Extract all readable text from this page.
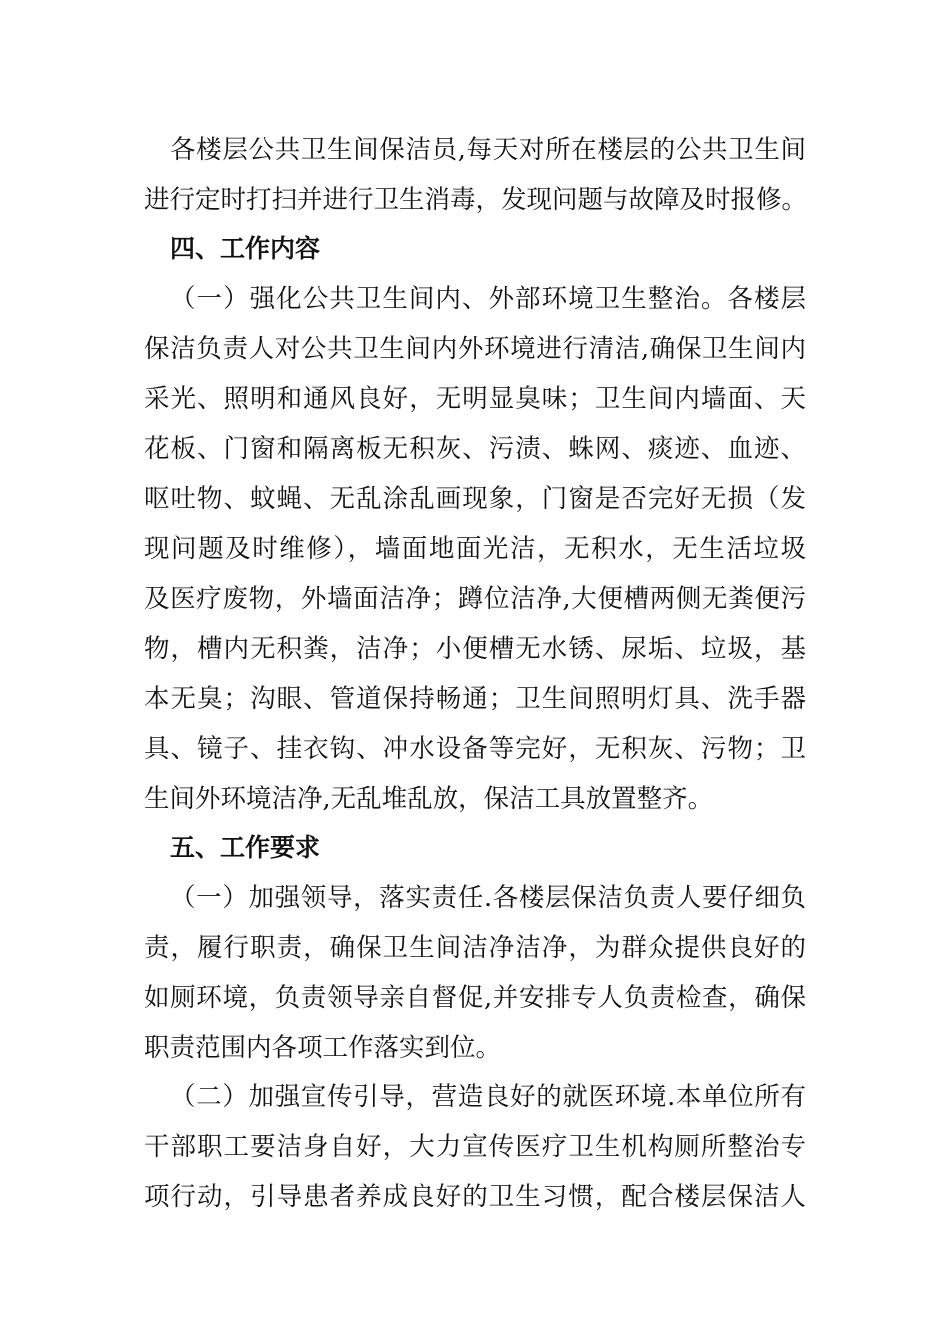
各楼层公共卫生间保洁员,每天对所在楼层的公共卫生间
进行定时打扫并进行卫生消毒，发现问题与故障及时报修。
四、工作内容
（一）强化公共卫生间内、外部环境卫生整治。各楼层
保洁负责人对公共卫生间内外环境进行清洁,确保卫生间内
采光、照明和通风良好，无明显臭味；卫生间内墙面、天
花板、门窗和隔离板无积灰、污渍、蛛网、痰迹、血迹、
呕吐物、蚊蝇、无乱涂乱画现象，门窗是否完好无损（发
现问题及时维修），墙面地面光洁，无积水，无生活垃圾
及医疗废物，外墙面洁净；蹲位洁净,大便槽两侧无粪便污
物，槽内无积粪，洁净；小便槽无水锈、尿垢、垃圾，基
本无臭；沟眼、管道保持畅通；卫生间照明灯具、洗手器
具、镜子、挂衣钩、冲水设备等完好，无积灰、污物；卫
生间外环境洁净,无乱堆乱放，保洁工具放置整齐。
五、工作要求
（一）加强领导，落实责任.各楼层保洁负责人要仔细负
责，履行职责，确保卫生间洁净洁净，为群众提供良好的
如厕环境，负责领导亲自督促,并安排专人负责检查，确保
职责范围内各项工作落实到位。
（二）加强宣传引导，营造良好的就医环境.本单位所有
干部职工要洁身自好，大力宣传医疗卫生机构厕所整治专
项行动，引导患者养成良好的卫生习惯，配合楼层保洁人
